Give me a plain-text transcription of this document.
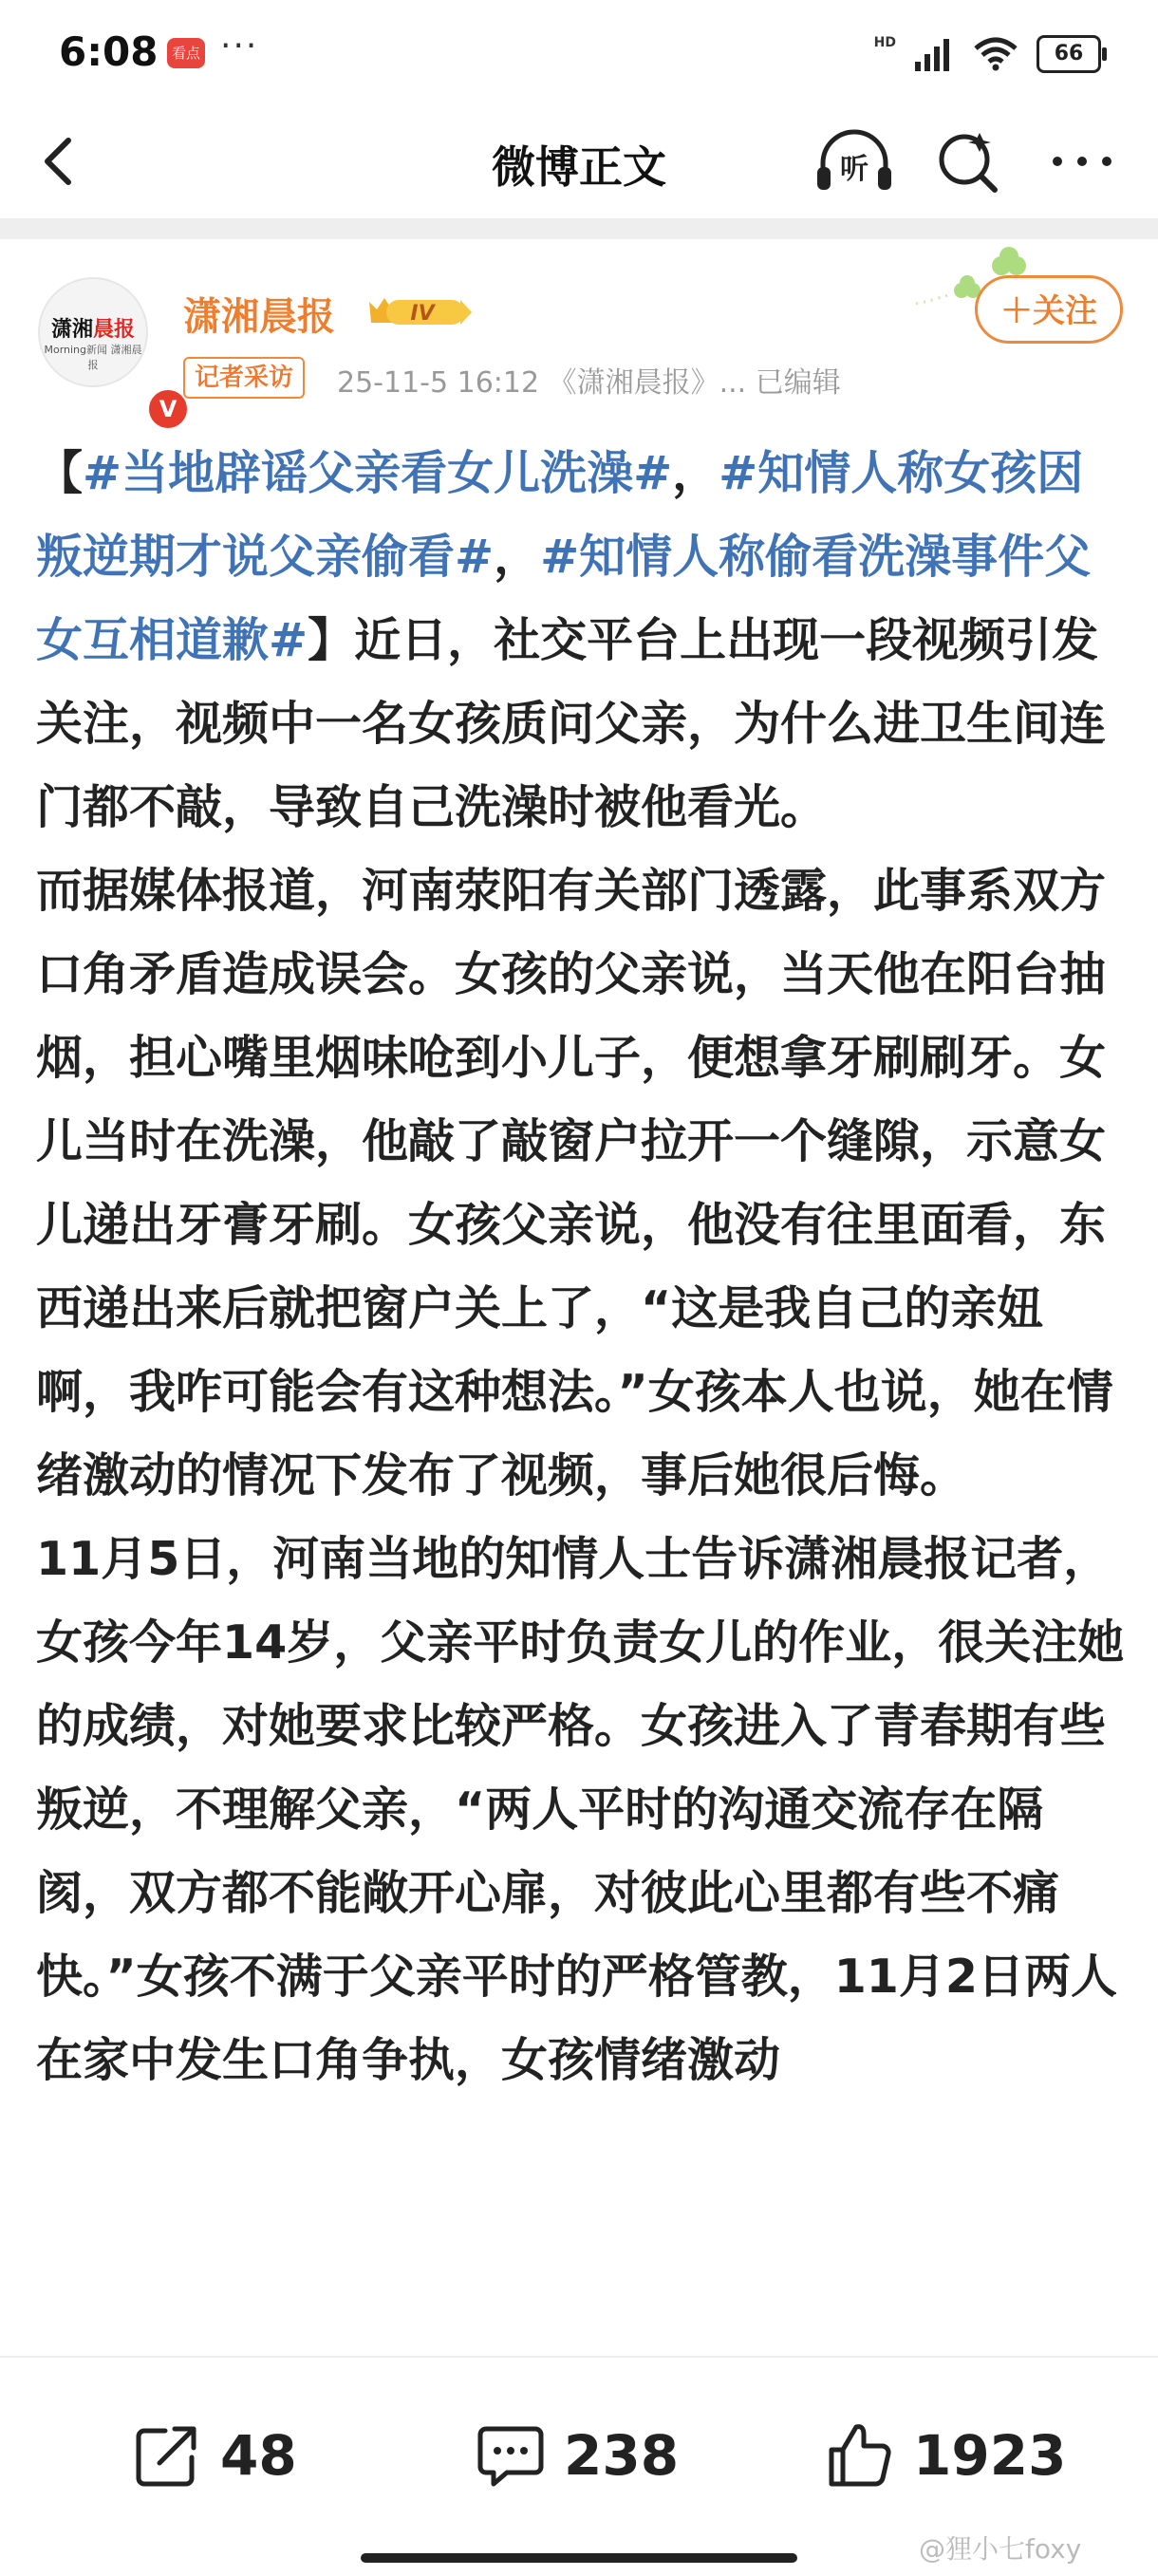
6:08 看点 ···	HD	66
微博正文	听
潇湘晨报
Morning新闻 潇湘晨报
V
潇湘晨报	IV
记者采访	25-11-5 16:12 《潇湘晨报》... 已编辑
＋关注

【#当地辟谣父亲看女儿洗澡#，#知情人称女孩因叛逆期才说父亲偷看#，#知情人称偷看洗澡事件父女互相道歉#】近日，社交平台上出现一段视频引发关注，视频中一名女孩质问父亲，为什么进卫生间连门都不敲，导致自己洗澡时被他看光。

而据媒体报道，河南荥阳有关部门透露，此事系双方口角矛盾造成误会。女孩的父亲说，当天他在阳台抽烟，担心嘴里烟味呛到小儿子，便想拿牙刷刷牙。女儿当时在洗澡，他敲了敲窗户拉开一个缝隙，示意女儿递出牙膏牙刷。女孩父亲说，他没有往里面看，东西递出来后就把窗户关上了，“这是我自己的亲妞啊，我咋可能会有这种想法。”女孩本人也说，她在情绪激动的情况下发布了视频，事后她很后悔。

11月5日，河南当地的知情人士告诉潇湘晨报记者，女孩今年14岁，父亲平时负责女儿的作业，很关注她的成绩，对她要求比较严格。女孩进入了青春期有些叛逆，不理解父亲，“两人平时的沟通交流存在隔阂，双方都不能敞开心扉，对彼此心里都有些不痛快。”女孩不满于父亲平时的严格管教，11月2日两人在家中发生口角争执，女孩情绪激动

48	238	1923
@狸小七foxy
